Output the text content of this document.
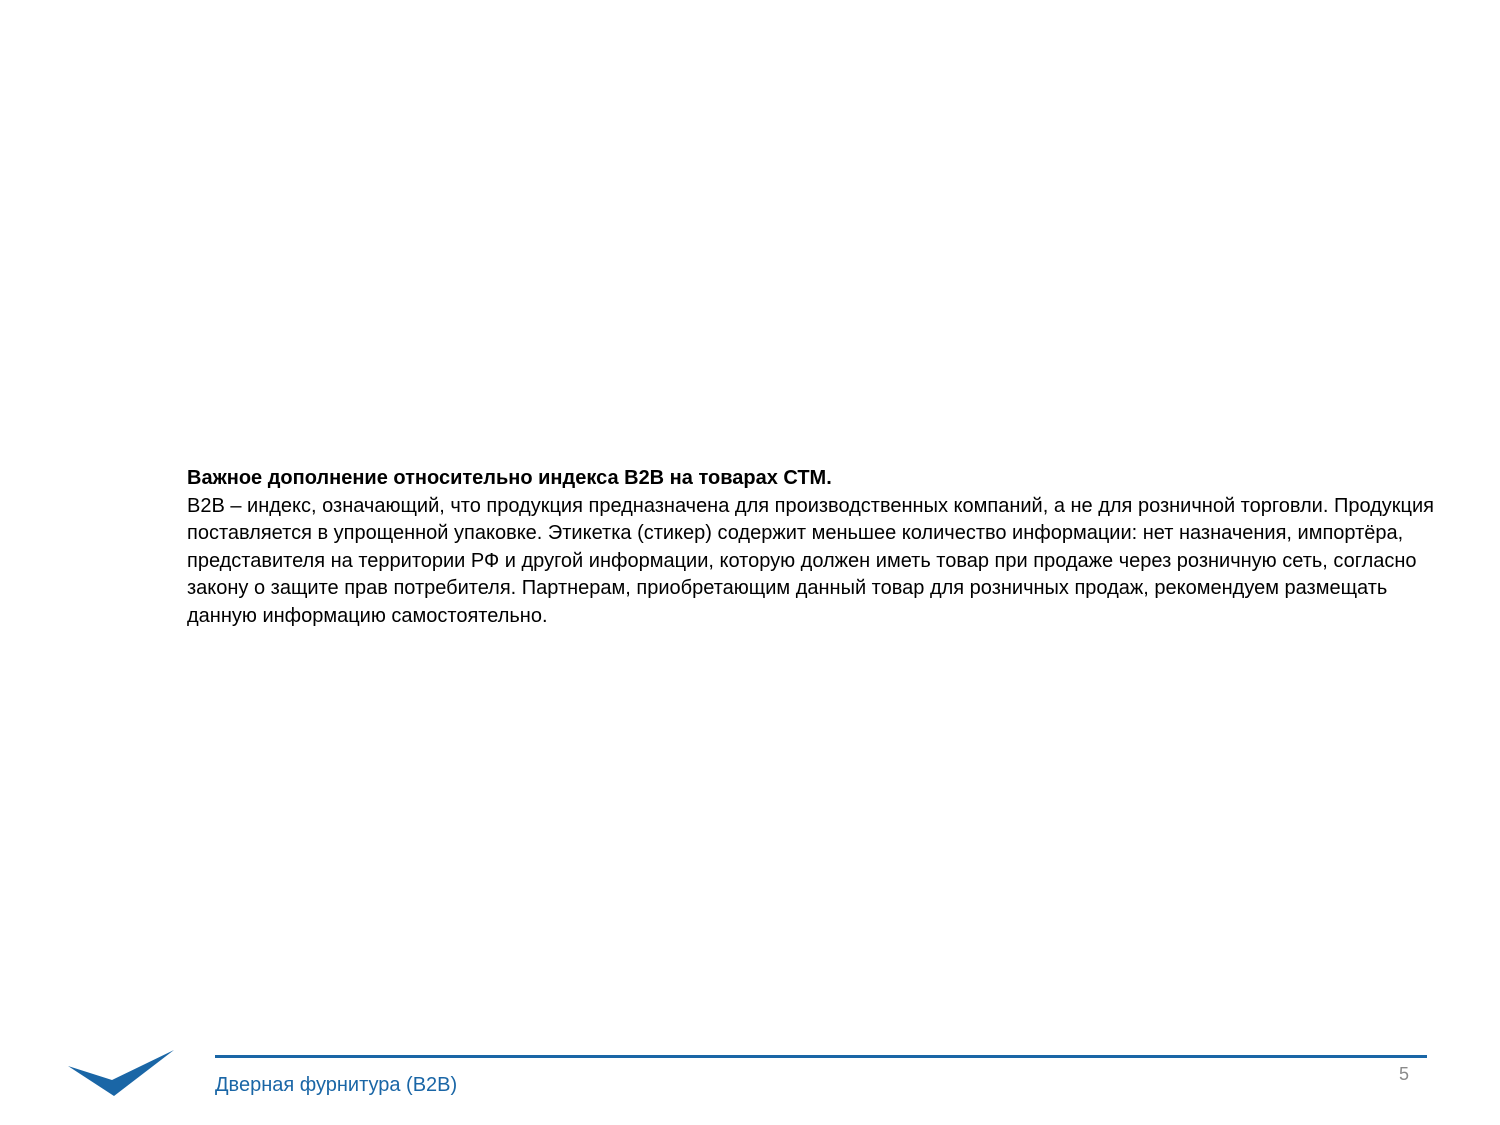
Важное дополнение относительно индекса B2B на товарах СТМ.

B2B – индекс, означающий, что продукция предназначена для производственных компаний, а не для розничной торговли. Продукция поставляется в упрощенной упаковке. Этикетка (стикер) содержит меньшее количество информации: нет назначения, импортёра, представителя на территории РФ и другой информации, которую должен иметь товар при продаже через розничную сеть, согласно закону о защите прав потребителя. Партнерам, приобретающим данный товар для розничных продаж, рекомендуем размещать данную информацию самостоятельно.

Дверная фурнитура (B2B)	5
